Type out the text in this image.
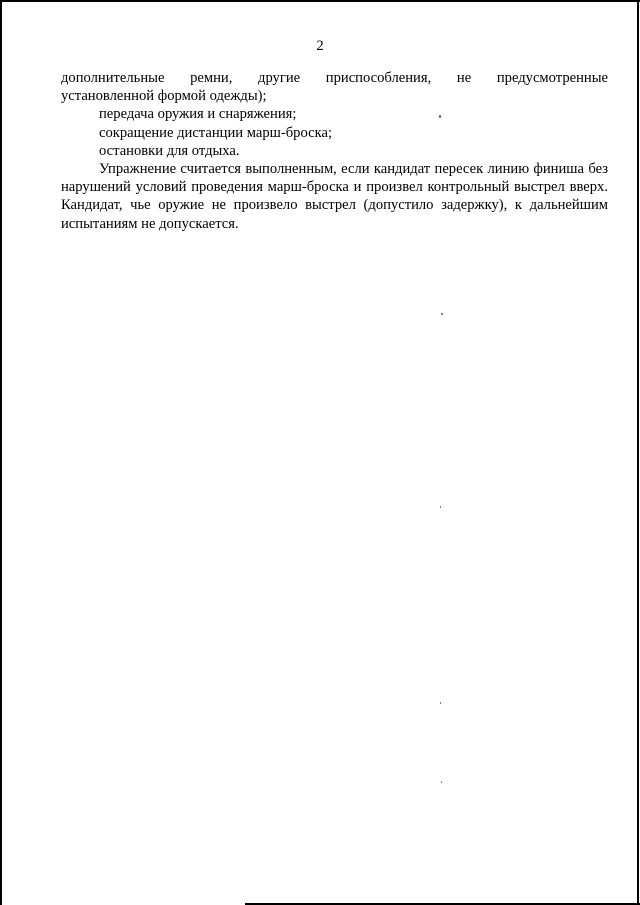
2

дополнительные ремни, другие приспособления, не предусмотренные

установленной формой одежды);

передача оружия и снаряжения;

сокращение дистанции марш-броска;

остановки для отдыха.

Упражнение считается выполненным, если кандидат пересек линию финиша без нарушений условий проведения марш-броска и произвел контрольный выстрел вверх. Кандидат, чье оружие не произвело выстрел (допустило задержку), к дальнейшим испытаниям не допускается.
